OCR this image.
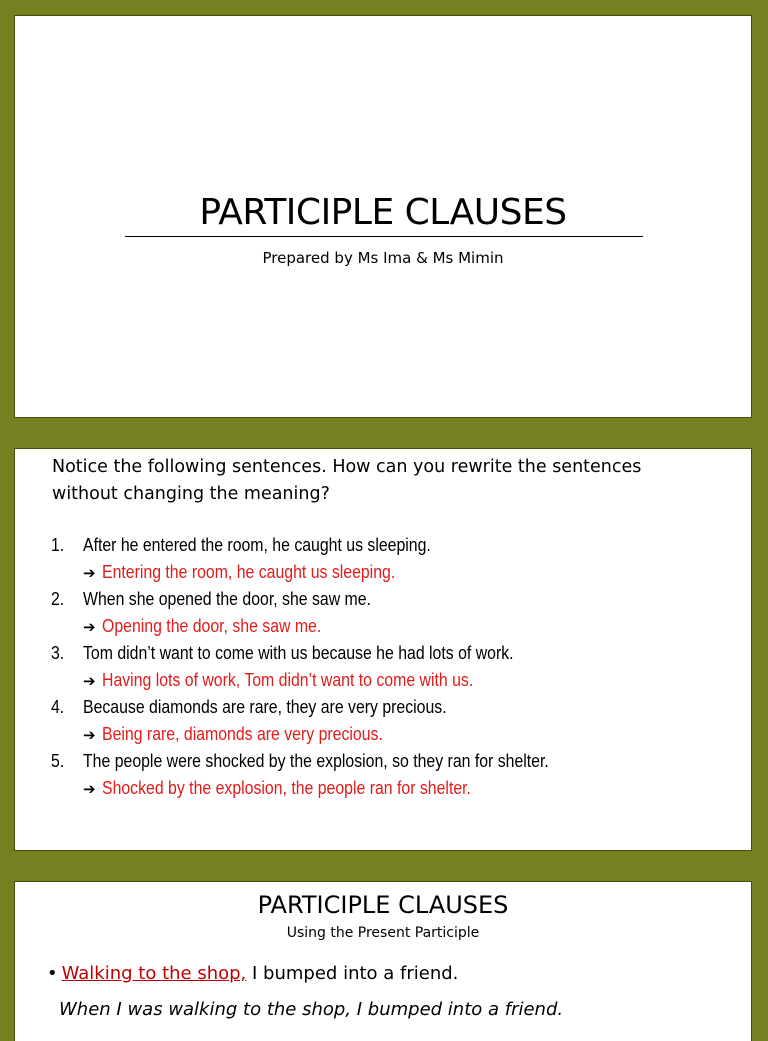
PARTICIPLE CLAUSES
Prepared by Ms Ima & Ms Mimin
Notice the following sentences. How can you rewrite the sentences
without changing the meaning?
1. After he entered the room, he caught us sleeping.
➔ Entering the room, he caught us sleeping.
2. When she opened the door, she saw me.
➔ Opening the door, she saw me.
3. Tom didn’t want to come with us because he had lots of work.
➔ Having lots of work, Tom didn’t want to come with us.
4. Because diamonds are rare, they are very precious.
➔ Being rare, diamonds are very precious.
5. The people were shocked by the explosion, so they ran for shelter.
➔ Shocked by the explosion, the people ran for shelter.
PARTICIPLE CLAUSES
Using the Present Participle
• Walking to the shop, I bumped into a friend.
When I was walking to the shop, I bumped into a friend.
